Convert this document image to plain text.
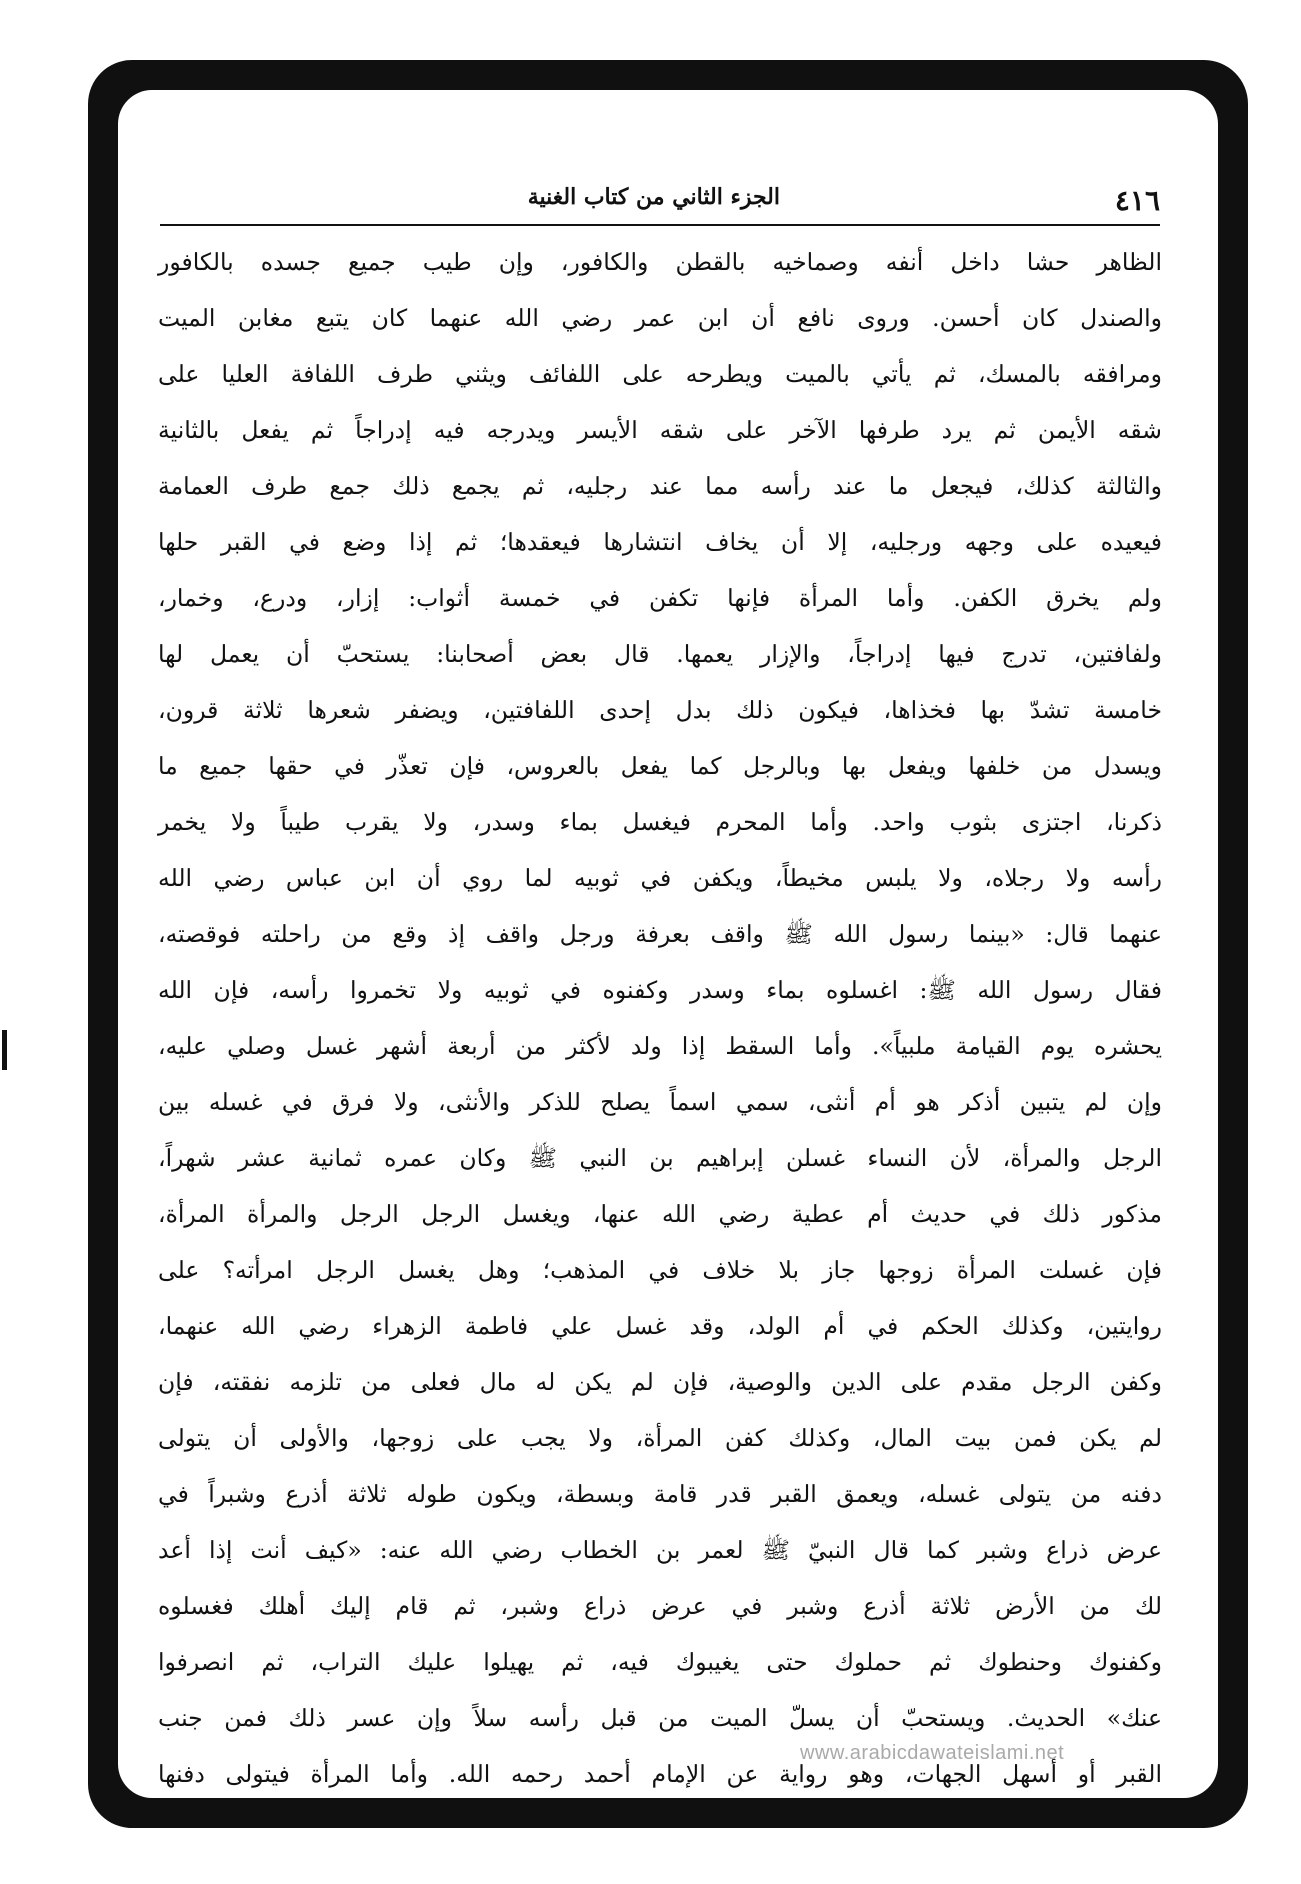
٤١٦
الجزء الثاني من كتاب الغنية
الظاهر حشا داخل أنفه وصماخيه بالقطن والكافور، وإن طيب جميع جسده بالكافور
والصندل كان أحسن. وروى نافع أن ابن عمر رضي الله عنهما كان يتبع مغابن الميت
ومرافقه بالمسك، ثم يأتي بالميت ويطرحه على اللفائف ويثني طرف اللفافة العليا على
شقه الأيمن ثم يرد طرفها الآخر على شقه الأيسر ويدرجه فيه إدراجاً ثم يفعل بالثانية
والثالثة كذلك، فيجعل ما عند رأسه مما عند رجليه، ثم يجمع ذلك جمع طرف العمامة
فيعيده على وجهه ورجليه، إلا أن يخاف انتشارها فيعقدها؛ ثم إذا وضع في القبر حلها
ولم يخرق الكفن. وأما المرأة فإنها تكفن في خمسة أثواب: إزار، ودرع، وخمار،
ولفافتين، تدرج فيها إدراجاً، والإزار يعمها. قال بعض أصحابنا: يستحبّ أن يعمل لها
خامسة تشدّ بها فخذاها، فيكون ذلك بدل إحدى اللفافتين، ويضفر شعرها ثلاثة قرون،
ويسدل من خلفها ويفعل بها وبالرجل كما يفعل بالعروس، فإن تعذّر في حقها جميع ما
ذكرنا، اجتزى بثوب واحد. وأما المحرم فيغسل بماء وسدر، ولا يقرب طيباً ولا يخمر
رأسه ولا رجلاه، ولا يلبس مخيطاً، ويكفن في ثوبيه لما روي أن ابن عباس رضي الله
عنهما قال: «بينما رسول الله ﷺ واقف بعرفة ورجل واقف إذ وقع من راحلته فوقصته،
فقال رسول الله ﷺ: اغسلوه بماء وسدر وكفنوه في ثوبيه ولا تخمروا رأسه، فإن الله
يحشره يوم القيامة ملبياً». وأما السقط إذا ولد لأكثر من أربعة أشهر غسل وصلي عليه،
وإن لم يتبين أذكر هو أم أنثى، سمي اسماً يصلح للذكر والأنثى، ولا فرق في غسله بين
الرجل والمرأة، لأن النساء غسلن إبراهيم بن النبي ﷺ وكان عمره ثمانية عشر شهراً،
مذكور ذلك في حديث أم عطية رضي الله عنها، ويغسل الرجل الرجل والمرأة المرأة،
فإن غسلت المرأة زوجها جاز بلا خلاف في المذهب؛ وهل يغسل الرجل امرأته؟ على
روايتين، وكذلك الحكم في أم الولد، وقد غسل علي فاطمة الزهراء رضي الله عنهما،
وكفن الرجل مقدم على الدين والوصية، فإن لم يكن له مال فعلى من تلزمه نفقته، فإن
لم يكن فمن بيت المال، وكذلك كفن المرأة، ولا يجب على زوجها، والأولى أن يتولى
دفنه من يتولى غسله، ويعمق القبر قدر قامة وبسطة، ويكون طوله ثلاثة أذرع وشبراً في
عرض ذراع وشبر كما قال النبيّ ﷺ لعمر بن الخطاب رضي الله عنه: «كيف أنت إذا أعد
لك من الأرض ثلاثة أذرع وشبر في عرض ذراع وشبر، ثم قام إليك أهلك فغسلوه
وكفنوك وحنطوك ثم حملوك حتى يغيبوك فيه، ثم يهيلوا عليك التراب، ثم انصرفوا
عنك» الحديث. ويستحبّ أن يسلّ الميت من قبل رأسه سلاً وإن عسر ذلك فمن جنب
القبر أو أسهل الجهات، وهو رواية عن الإمام أحمد رحمه الله. وأما المرأة فيتولى دفنها
www.arabicdawateislami.net
